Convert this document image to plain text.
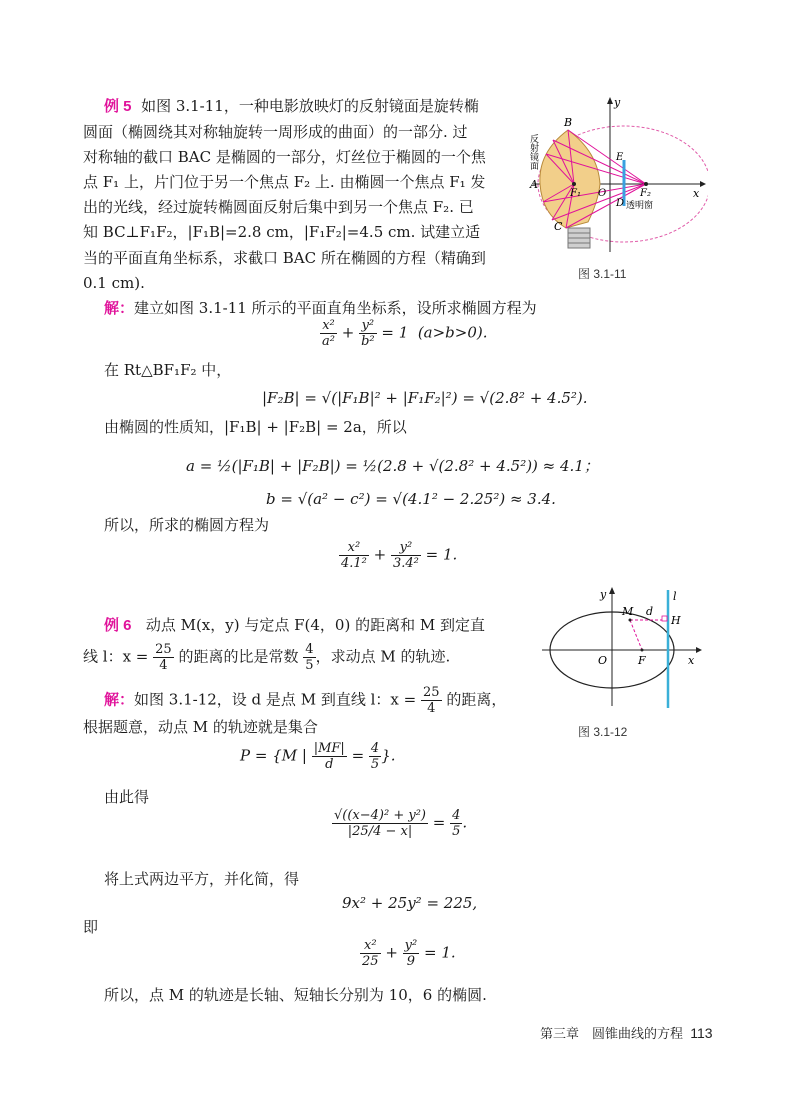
例 5 如图 3.1-11，一种电影放映灯的反射镜面是旋转椭
圆面（椭圆绕其对称轴旋转一周形成的曲面）的一部分. 过
对称轴的截口 BAC 是椭圆的一部分，灯丝位于椭圆的一个焦
点 F₁ 上，片门位于另一个焦点 F₂ 上. 由椭圆一个焦点 F₁ 发
出的光线，经过旋转椭圆面反射后集中到另一个焦点 F₂. 已
知 BC⊥F₁F₂，|F₁B|=2.8 cm，|F₁F₂|=4.5 cm. 试建立适
当的平面直角坐标系，求截口 BAC 所在椭圆的方程（精确到
0.1 cm).
y
x
B
A
C
F₁ O
E
F₂
D
反射镜面
透明窗
图 3.1-11
解：建立如图 3.1-11 所示的平面直角坐标系，设所求椭圆方程为
$\frac{\text{x²}}{\text{a²}} + \frac{\text{y²}}{\text{b²}} = 1$  (a>b>0).
在 Rt△BF₁F₂ 中，
|F₂B| = √(|F₁B|² + |F₁F₂|²) = √(2.8² + 4.5²).
由椭圆的性质知，|F₁B| + |F₂B| = 2a，所以
a = ½(|F₁B| + |F₂B|) = ½(2.8 + √(2.8² + 4.5²)) ≈ 4.1；
b = √(a² − c²) = √(4.1² − 2.25²) ≈ 3.4.
所以，所求的椭圆方程为
$\frac{\text{x²}}{\text{4.1²}} + \frac{\text{y²}}{\text{3.4²}} = 1$.
例 6 动点 M(x，y) 与定点 F(4，0) 的距离和 M 到定直
线 l：$x = \frac{25}{4}$ 的距离的比是常数 $\frac{4}{5}$ ，求动点 M 的轨迹.
y
x
l
M d
H
O	F
图 3.1-12
解：如图 3.1-12，设 d 是点 M 到直线 l：$x = \frac{25}{4}$ 的距离，
根据题意，动点 M 的轨迹就是集合
P = {M | $\frac{|MF|}{d} = \frac{4}{5}$ }.
由此得
$\frac{\text{√((x−4)² + y²)}}{|25/4 - x|} = \frac{4}{5}$ .
将上式两边平方，并化简，得
9x² + 25y² = 225,
即
$\frac{\text{x²}}{25} + \frac{\text{y²}}{9} = 1$.
所以，点 M 的轨迹是长轴、短轴长分别为 10，6 的椭圆.
第三章　圆锥曲线的方程 113
